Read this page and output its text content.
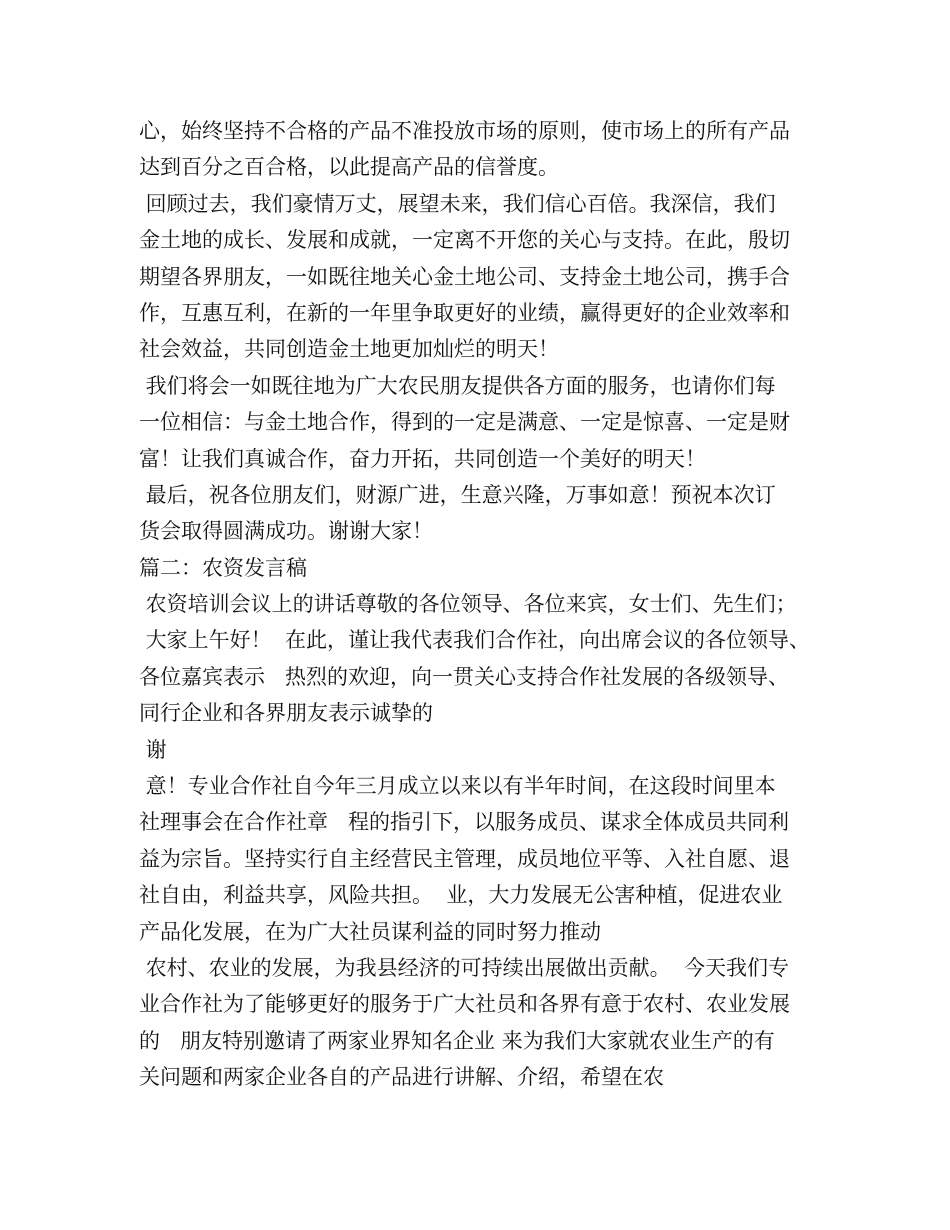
心，始终坚持不合格的产品不准投放市场的原则，使市场上的所有产品
达到百分之百合格，以此提高产品的信誉度。
回顾过去，我们豪情万丈，展望未来，我们信心百倍。我深信，我们
金土地的成长、发展和成就，一定离不开您的关心与支持。在此，殷切
期望各界朋友，一如既往地关心金土地公司、支持金土地公司，携手合
作，互惠互利，在新的一年里争取更好的业绩，赢得更好的企业效率和
社会效益，共同创造金土地更加灿烂的明天！
我们将会一如既往地为广大农民朋友提供各方面的服务，也请你们每
一位相信：与金土地合作，得到的一定是满意、一定是惊喜、一定是财
富！让我们真诚合作，奋力开拓，共同创造一个美好的明天！
最后，祝各位朋友们，财源广进，生意兴隆，万事如意！预祝本次订
货会取得圆满成功。谢谢大家！
篇二：农资发言稿
农资培训会议上的讲话尊敬的各位领导、各位来宾，女士们、先生们；
大家上午好！  在此，谨让我代表我们合作社，向出席会议的各位领导、
各位嘉宾表示   热烈的欢迎，向一贯关心支持合作社发展的各级领导、
同行企业和各界朋友表示诚挚的
谢
意！专业合作社自今年三月成立以来以有半年时间，在这段时间里本
社理事会在合作社章   程的指引下，以服务成员、谋求全体成员共同利
益为宗旨。坚持实行自主经营民主管理，成员地位平等、入社自愿、退
社自由，利益共享，风险共担。  业，大力发展无公害种植，促进农业
产品化发展，在为广大社员谋利益的同时努力推动
农村、农业的发展，为我县经济的可持续出展做出贡献。  今天我们专
业合作社为了能够更好的服务于广大社员和各界有意于农村、农业发展
的   朋友特别邀请了两家业界知名企业 来为我们大家就农业生产的有
关问题和两家企业各自的产品进行讲解、介绍，希望在农
